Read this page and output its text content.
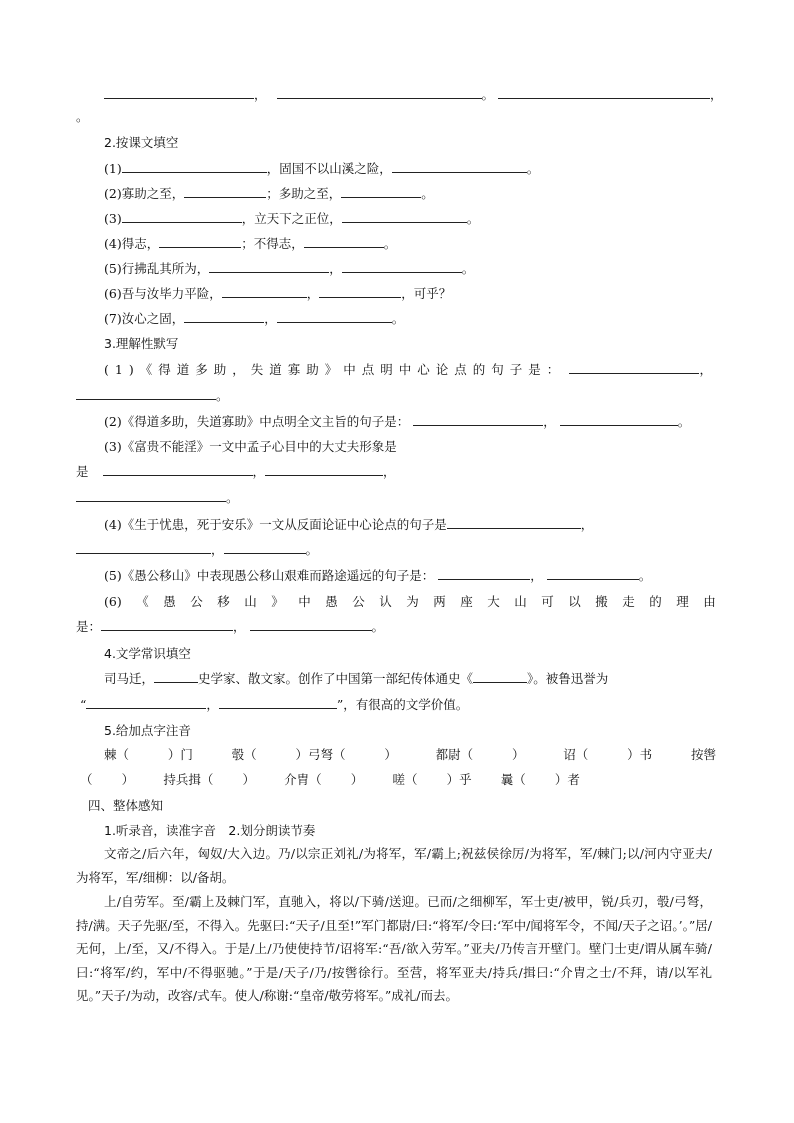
，	。	，
。
2.按课文填空
(1)	，固国不以山溪之险，	。
(2)寡助之至，	；多助之至，	。
(3)	，立天下之正位，	。
(4)得志，	；不得志，	。
(5)行拂乱其所为，	，	。
(6)吾与汝毕力平险，	，	，可乎？
(7)汝心之固，	，	。
3.理解性默写
(1)《得道多助，失道寡助》中点明中心论点的句子是：	，
。
(2)《得道多助，失道寡助》中点明全文主旨的句子是：	，	。
(3)《富贵不能淫》一文中孟子心目中的大丈夫形象是
是	，	，
。
(4)《生于忧患，死于安乐》一文从反面论证中心论点的句子是	，
，	。
(5)《愚公移山》中表现愚公移山艰难而路途遥远的句子是：	，	。
(6) 《 愚 公 移 山 》 中 愚 公 认 为 两 座 大 山 可 以 搬 走 的 理 由
是：	，	。
4.文学常识填空
司马迁，	史学家、散文家。创作了中国第一部纪传体通史《	》。被鲁迅誉为
“	，	”，有很高的文学价值。
5.给加点字注音
棘（	）门	彀（	）弓弩（	）	都尉（	）	诏（	）书	按辔
（ ） 持兵揖（ ） 介胄（ ） 嗟（ ）乎 曩（ ）者
四、整体感知
1.听录音，读准字音　2.划分朗读节奏
文帝之/后六年，匈奴/大入边。乃/以宗正刘礼/为将军，军/霸上;祝兹侯徐厉/为将军，军/棘门;以/河内守亚夫/为将军，军/细柳：以/备胡。
上/自劳军。至/霸上及棘门军，直驰入，将以/下骑/送迎。已而/之细柳军，军士吏/被甲，锐/兵刃，彀/弓弩，持/满。天子先驱/至，不得入。先驱曰:“天子/且至!”军门都尉/曰:“将军/令曰:‘军中/闻将军令，不闻/天子之诏。’。”居/无何，上/至，又/不得入。于是/上/乃使使持节/诏将军:“吾/欲入劳军。”亚夫/乃传言开壁门。壁门士吏/谓从属车骑/曰:“将军/约，军中/不得驱驰。”于是/天子/乃/按辔徐行。至营，将军亚夫/持兵/揖曰:“介胄之士/不拜，请/以军礼见。”天子/为动，改容/式车。使人/称谢:“皇帝/敬劳将军。”成礼/而去。
